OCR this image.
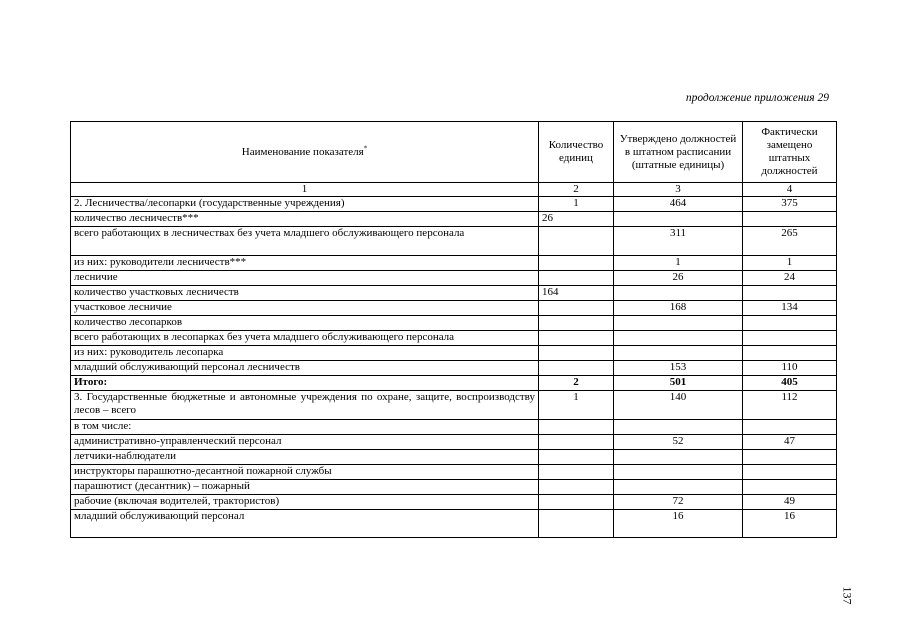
продолжение приложения 29
Наименование показателя*	Количество единиц	Утверждено должностей в штатном расписании (штатные единицы)	Фактически замещено штатных должностей
1	2	3	4
2. Лесничества/лесопарки (государственные учреждения)	1	464	375
количество лесничеств***	26		
всего работающих в лесничествах без учета младшего обслуживающего персонала		311	265
из них: руководители лесничеств***		1	1
лесничие		26	24
количество участковых лесничеств	164		
участковое лесничие		168	134
количество лесопарков			
всего работающих в лесопарках без учета младшего обслуживающего персонала			
из них: руководитель лесопарка			
младший обслуживающий персонал лесничеств		153	110
Итого:	2	501	405
3. Государственные бюджетные и автономные учреждения по охране, защите, воспроизводству лесов – всего	1	140	112
в том числе:			
административно-управленческий персонал		52	47
летчики-наблюдатели			
инструкторы парашютно-десантной пожарной службы			
парашютист (десантник) – пожарный			
рабочие (включая водителей, трактористов)		72	49
младший обслуживающий персонал		16	16
137
